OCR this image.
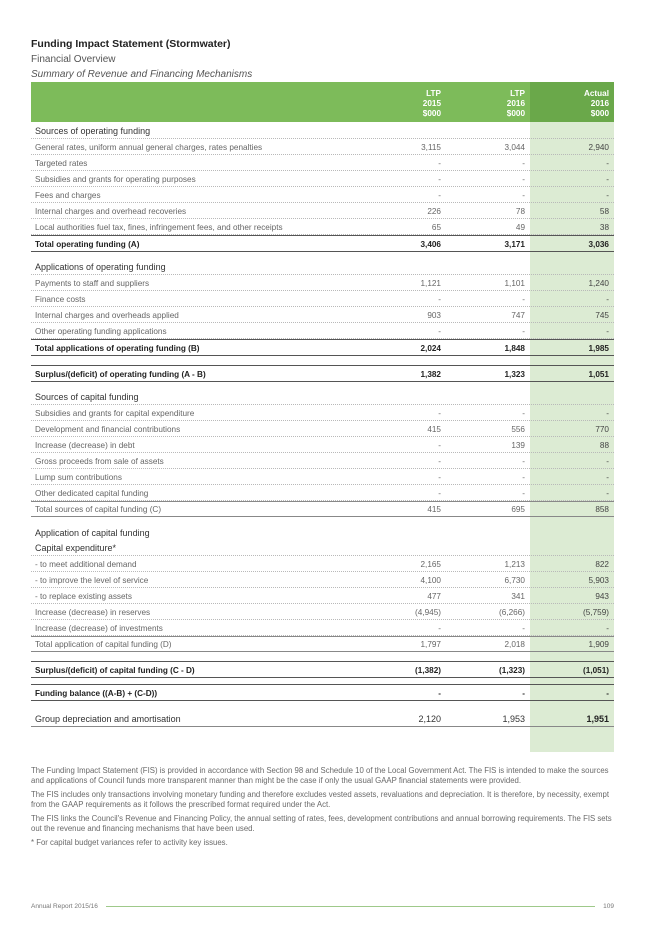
Funding Impact Statement (Stormwater)
Financial Overview
Summary of Revenue and Financing Mechanisms
LTP
2015
$000
LTP
2016
$000
Actual
2016
$000
Sources of operating funding
General rates, uniform annual general charges, rates penalties	3,115	3,044	2,940
Targeted rates	-	-	-
Subsidies and grants for operating purposes	-	-	-
Fees and charges	-	-	-
Internal charges and overhead recoveries	226	78	58
Local authorities fuel tax, fines, infringement fees, and other receipts	65	49	38
Total operating funding (A)	3,406	3,171	3,036
Applications of operating funding
Payments to staff and suppliers	1,121	1,101	1,240
Finance costs	-	-	-
Internal charges and overheads applied	903	747	745
Other operating funding applications	-	-	-
Total applications of operating funding (B)	2,024	1,848	1,985
Surplus/(deficit) of operating funding (A - B)	1,382	1,323	1,051
Sources of capital funding
Subsidies and grants for capital expenditure	-	-	-
Development and financial contributions	415	556	770
Increase (decrease) in debt	-	139	88
Gross proceeds from sale of assets	-	-	-
Lump sum contributions	-	-	-
Other dedicated capital funding	-	-	-
Total sources of capital funding (C)	415	695	858
Application of capital funding
Capital expenditure*
- to meet additional demand	2,165	1,213	822
- to improve the level of service	4,100	6,730	5,903
- to replace existing assets	477	341	943
Increase (decrease) in reserves	(4,945)	(6,266)	(5,759)
Increase (decrease) of investments	-	-	-
Total application of capital funding (D)	1,797	2,018	1,909
Surplus/(deficit) of capital funding (C - D)	(1,382)	(1,323)	(1,051)
Funding balance ((A-B) + (C-D))	-	-	-
Group depreciation and amortisation	2,120	1,953	1,951

The Funding Impact Statement (FIS) is provided in accordance with Section 98 and Schedule 10 of the Local Government Act. The FIS is intended to make the sources and applications of Council funds more transparent manner than might be the case if only the usual GAAP financial statements were provided.

The FIS includes only transactions involving monetary funding and therefore excludes vested assets, revaluations and depreciation. It is therefore, by necessity, exempt from the GAAP requirements as it follows the prescribed format required under the Act.

The FIS links the Council's Revenue and Financing Policy, the annual setting of rates, fees, development contributions and annual borrowing requirements. The FIS sets out the revenue and financing mechanisms that have been used.

* For capital budget variances refer to activity key issues.

Annual Report 2015/16	109
